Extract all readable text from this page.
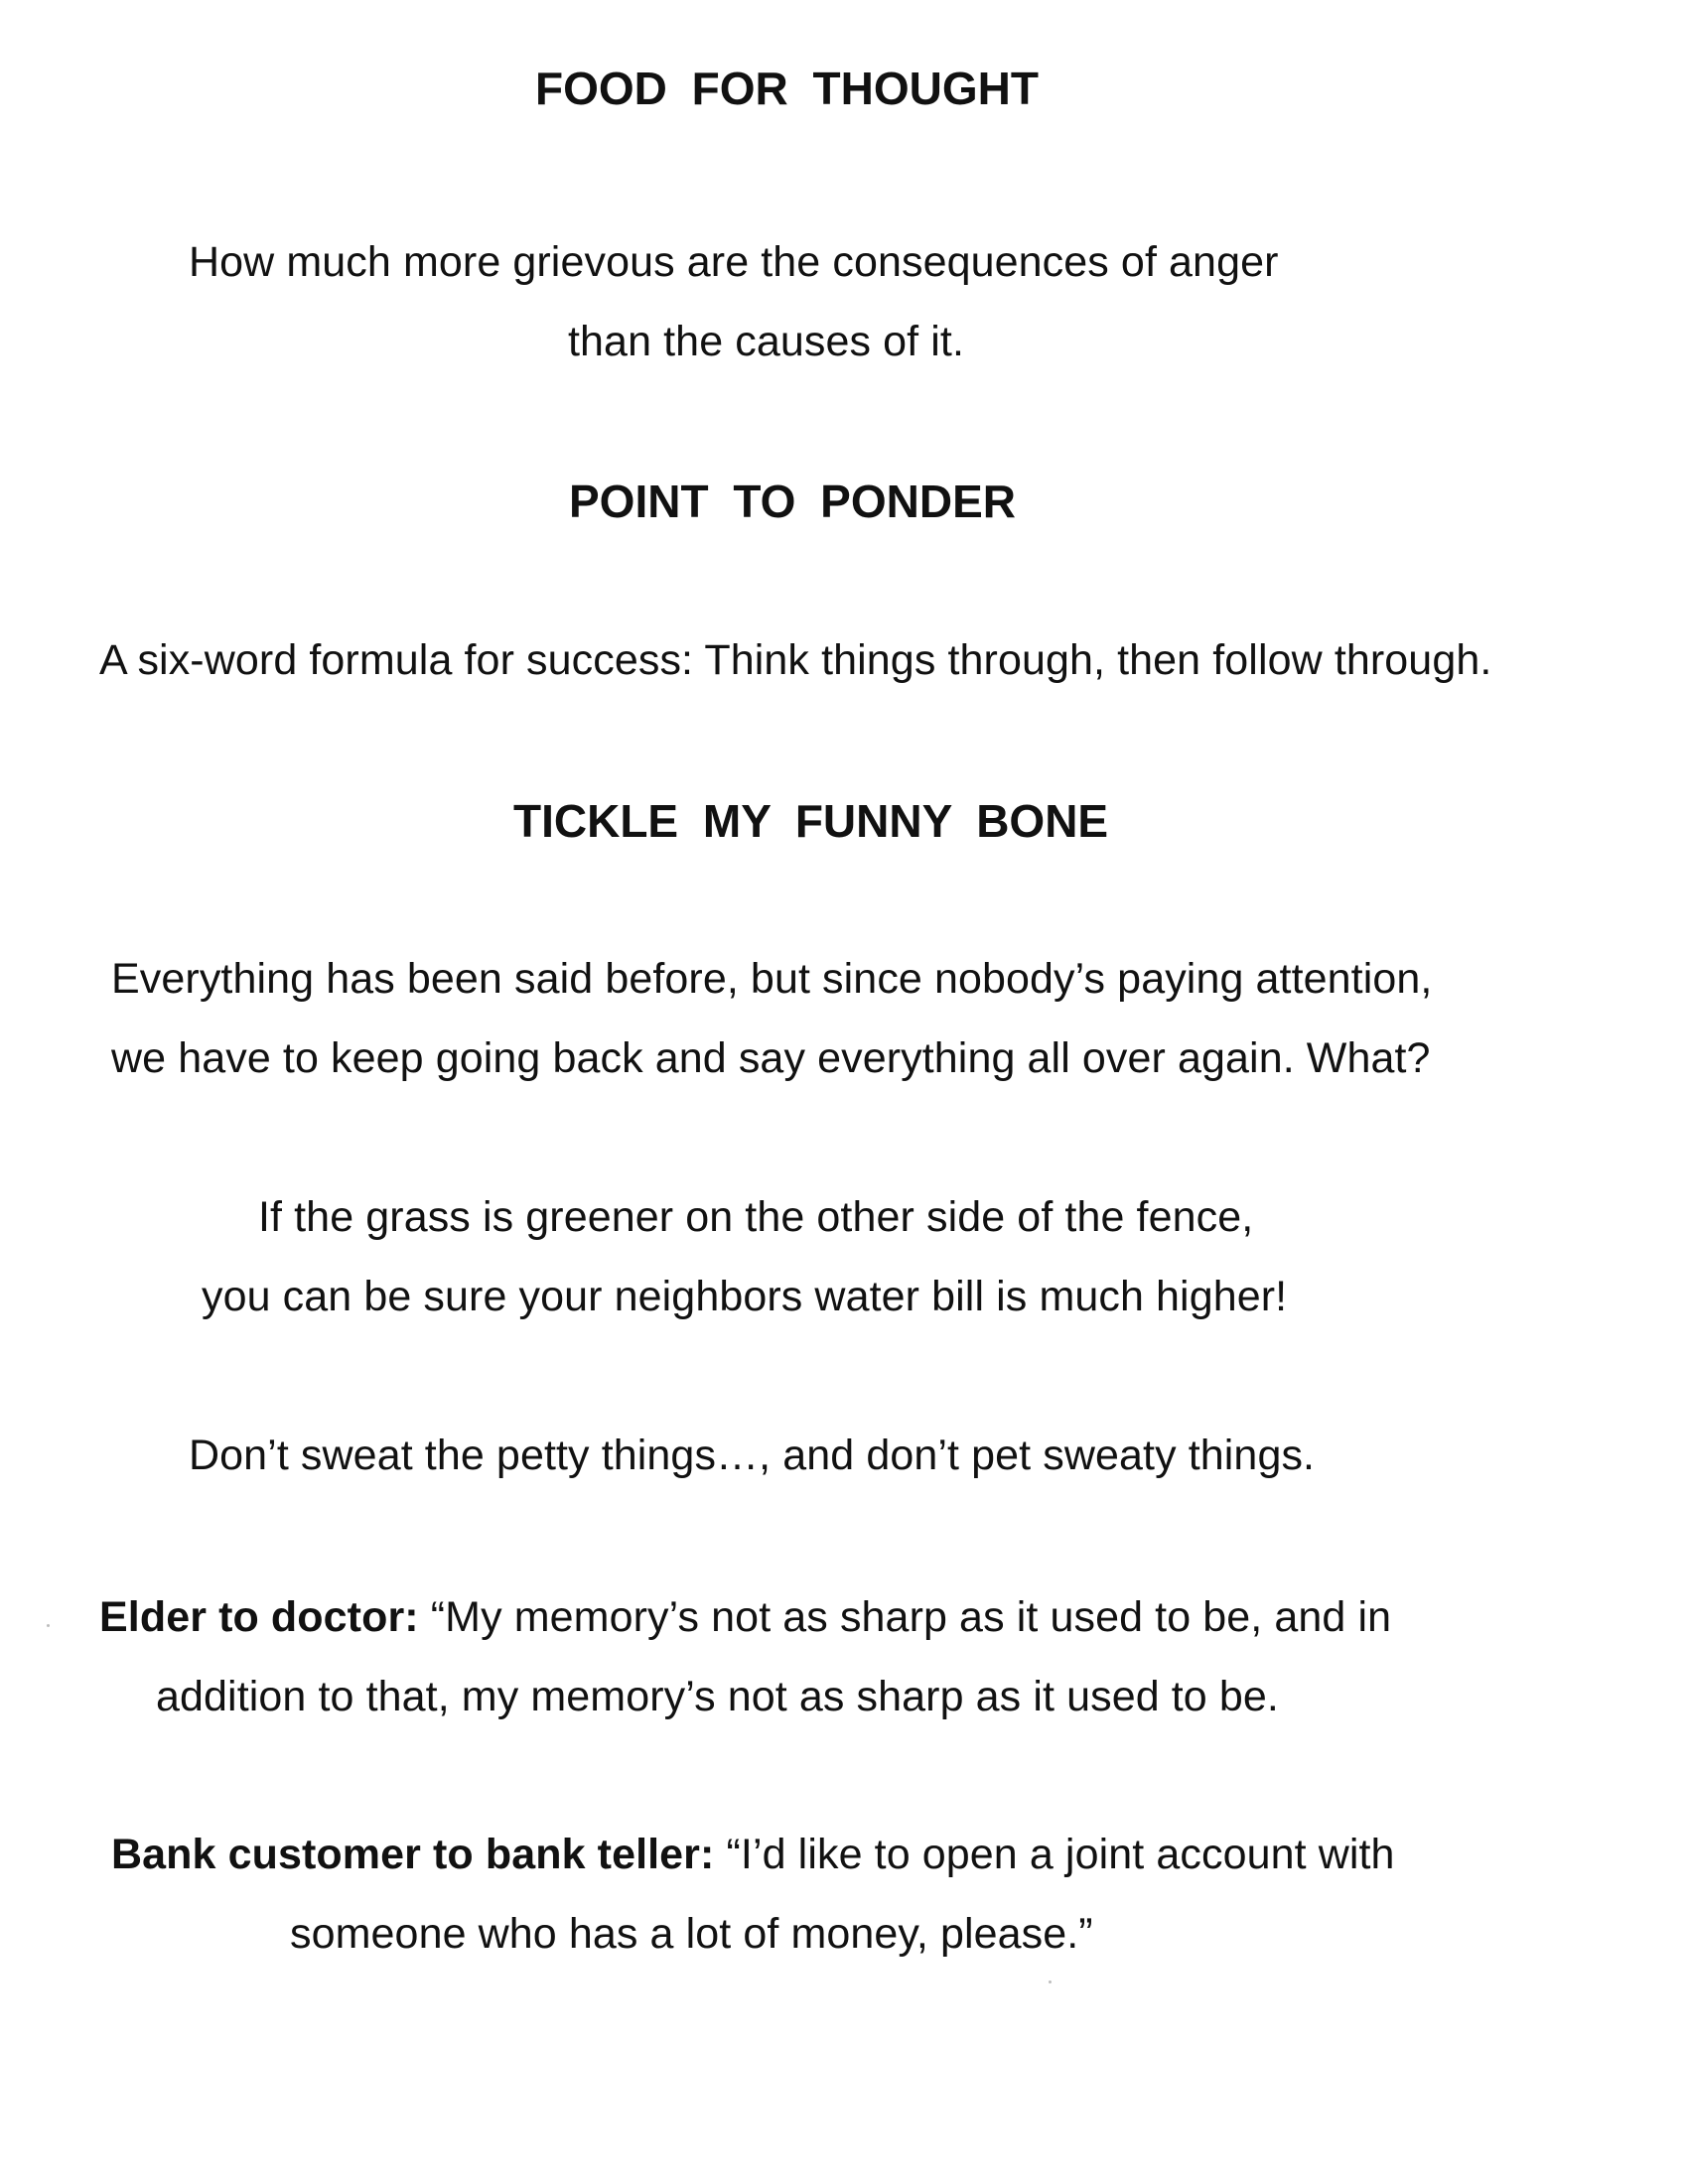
FOOD FOR THOUGHT
How much more grievous are the consequences of anger
than the causes of it.
POINT TO PONDER
A six-word formula for success: Think things through, then follow through.
TICKLE MY FUNNY BONE
Everything has been said before, but since nobody’s paying attention,
we have to keep going back and say everything all over again. What?
If the grass is greener on the other side of the fence,
you can be sure your neighbors water bill is much higher!
Don’t sweat the petty things…, and don’t pet sweaty things.
Elder to doctor: “My memory’s not as sharp as it used to be, and in
addition to that, my memory’s not as sharp as it used to be.
Bank customer to bank teller: “I’d like to open a joint account with
someone who has a lot of money, please.”
